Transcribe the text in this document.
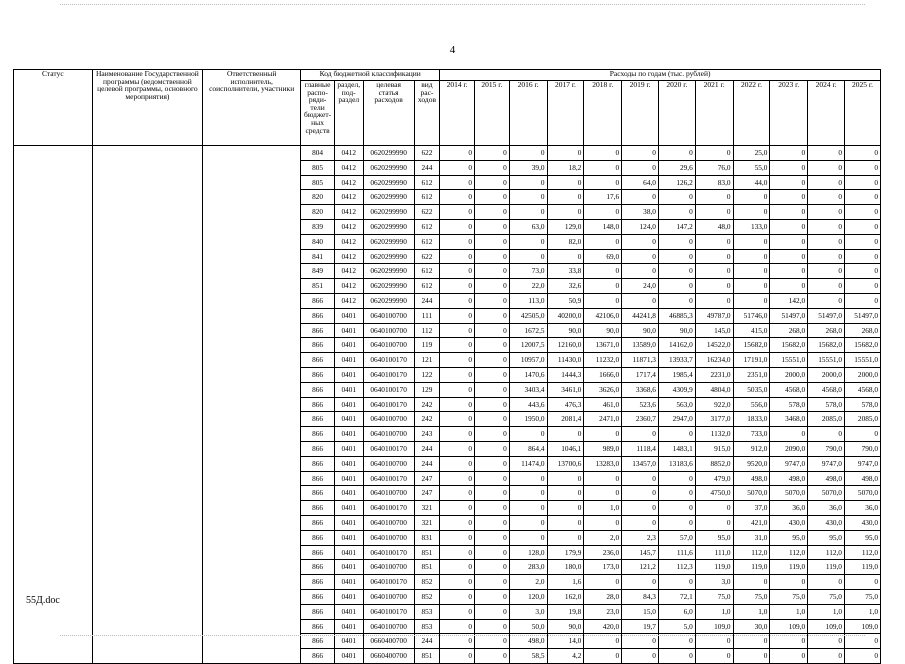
4
Статус	Наименование Государственной программы (ведомственной целевой программы, основного мероприятия)	Ответственный исполнитель, соисполнители, участники	Код бюджетной классификации				Расходы по годам (тыс. рублей)											
			главные распо-ряди-тели бюджет-ных средств	раздел, под-раздел	целевая статья расходов	вид рас-ходов	2014 г.	2015 г.	2016 г.	2017 г.	2018 г.	2019 г.	2020 г.	2021 г.	2022 г.	2023 г.	2024 г.	2025 г.
			804	0412	0620299990	622	0	0	0	0	0	0	0	0	25,0	0	0	0
			805	0412	0620299990	244	0	0	39,0	18,2	0	0	29,6	76,0	55,0	0	0	0
			805	0412	0620299990	612	0	0	0	0	0	64,0	126,2	83,0	44,0	0	0	0
			820	0412	0620299990	612	0	0	0	0	17,6	0	0	0	0	0	0	0
			820	0412	0620299990	622	0	0	0	0	0	38,0	0	0	0	0	0	0
			839	0412	0620299990	612	0	0	63,0	129,0	148,0	124,0	147,2	48,0	133,0	0	0	0
			840	0412	0620299990	612	0	0	0	82,0	0	0	0	0	0	0	0	0
			841	0412	0620299990	622	0	0	0	0	69,0	0	0	0	0	0	0	0
			849	0412	0620299990	612	0	0	73,0	33,8	0	0	0	0	0	0	0	0
			851	0412	0620299990	612	0	0	22,0	32,6	0	24,0	0	0	0	0	0	0
			866	0412	0620299990	244	0	0	113,0	50,9	0	0	0	0	0	142,0	0	0
			866	0401	0640100700	111	0	0	42505,0	40200,0	42106,0	44241,8	46885,3	49787,0	51746,0	51497,0	51497,0	51497,0
			866	0401	0640100700	112	0	0	1672,5	90,0	90,0	90,0	90,0	145,0	415,0	268,0	268,0	268,0
			866	0401	0640100700	119	0	0	12007,5	12160,0	13671,0	13589,0	14162,0	14522,0	15682,0	15682,0	15682,0	15682,0
			866	0401	0640100170	121	0	0	10957,0	11430,0	11232,0	11871,3	13933,7	16234,0	17191,0	15551,0	15551,0	15551,0
			866	0401	0640100170	122	0	0	1470,6	1444,3	1666,0	1717,4	1985,4	2231,0	2351,0	2000,0	2000,0	2000,0
			866	0401	0640100170	129	0	0	3403,4	3461,0	3626,0	3368,6	4309,9	4804,0	5035,0	4568,0	4568,0	4568,0
			866	0401	0640100170	242	0	0	443,6	476,3	461,0	523,6	563,0	922,0	556,0	578,0	578,0	578,0
			866	0401	0640100700	242	0	0	1950,0	2081,4	2471,0	2360,7	2947,0	3177,0	1833,0	3468,0	2085,0	2085,0
			866	0401	0640100700	243	0	0	0	0	0	0	0	1132,0	733,0	0	0	0
			866	0401	0640100170	244	0	0	864,4	1046,1	989,0	1118,4	1483,1	915,0	912,0	2090,0	790,0	790,0
			866	0401	0640100700	244	0	0	11474,0	13700,6	13283,0	13457,0	13183,6	8852,0	9520,0	9747,0	9747,0	9747,0
			866	0401	0640100170	247	0	0	0	0	0	0	0	479,0	498,0	498,0	498,0	498,0
			866	0401	0640100700	247	0	0	0	0	0	0	0	4750,0	5070,0	5070,0	5070,0	5070,0
			866	0401	0640100170	321	0	0	0	0	1,0	0	0	0	37,0	36,0	36,0	36,0
			866	0401	0640100700	321	0	0	0	0	0	0	0	0	421,0	430,0	430,0	430,0
			866	0401	0640100700	831	0	0	0	0	2,0	2,3	57,0	95,0	31,0	95,0	95,0	95,0
			866	0401	0640100170	851	0	0	128,0	179,9	236,0	145,7	111,6	111,0	112,0	112,0	112,0	112,0
			866	0401	0640100700	851	0	0	283,0	180,0	173,0	121,2	112,3	119,0	119,0	119,0	119,0	119,0
			866	0401	0640100170	852	0	0	2,0	1,6	0	0	0	3,0	0	0	0	0
			866	0401	0640100700	852	0	0	120,0	162,0	28,0	84,3	72,1	75,0	75,0	75,0	75,0	75,0
			866	0401	0640100170	853	0	0	3,0	19,8	23,0	15,0	6,0	1,0	1,0	1,0	1,0	1,0
			866	0401	0640100700	853	0	0	50,0	90,0	420,0	19,7	5,0	109,0	30,0	109,0	109,0	109,0
			866	0401	0660400700	244	0	0	498,0	14,0	0	0	0	0	0	0	0	0
			866	0401	0660400700	851	0	0	58,5	4,2	0	0	0	0	0	0	0	0
55Д.doc
